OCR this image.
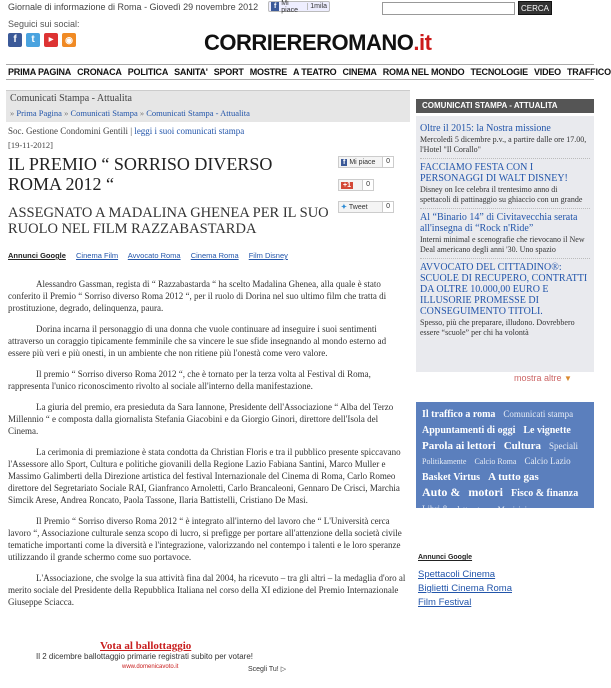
Giornale di informazione di Roma - Giovedì 29 novembre 2012	f Mi piace	1mila	CERCA
Seguici sui social:
f	t	▶	◉	CORRIEREROMANO.it
PRIMA PAGINA CRONACA POLITICA SANITA' SPORT MOSTRE A TEATRO CINEMA ROMA NEL MONDO TECNOLOGIE VIDEO TRAFFICO
Comunicati Stampa - Attualita
» Prima Pagina » Comunicati Stampa » Comunicati Stampa - Attualita
Soc. Gestione Condomini Gentili | leggi i suoi comunicati stampa
[19-11-2012]
IL PREMIO “ SORRISO DIVERSO ROMA 2012 “
ASSEGNATO A MADALINA GHENEA PER IL SUO RUOLO NEL FILM RAZZABASTARDA
f Mi piace	0
+1	0
✦ Tweet	0
Annunci Google Cinema Film Avvocato Roma Cinema Roma Film Disney

Alessandro Gassman, regista di “ Razzabastarda “ ha scelto Madalina Ghenea, alla quale è stato conferito il Premio “ Sorriso diverso Roma 2012 “, per il ruolo di Dorina nel suo ultimo film che tratta di prostituzione, degrado, delinquenza, paura.

Dorina incarna il personaggio di una donna che vuole continuare ad inseguire i suoi sentimenti attraverso un coraggio tipicamente femminile che sa vincere le sue sfide insegnando al mondo esterno ad essere più veri e più onesti, in un ambiente che non ritiene più l'onestà come vero valore.

Il premio “ Sorriso diverso Roma 2012 “, che è tornato per la terza volta al Festival di Roma, rappresenta l'unico riconoscimento rivolto al sociale all'interno della manifestazione.

La giuria del premio, era presieduta da Sara Iannone, Presidente dell'Associazione “ Alba del Terzo Millennio “ e composta dalla giornalista Stefania Giacobini e da Giorgio Ginori, direttore dell'Isola del Cinema.

La cerimonia di premiazione è stata condotta da Christian Floris e tra il pubblico presente spiccavano l'Assessore allo Sport, Cultura e politiche giovanili della Regione Lazio Fabiana Santini, Marco Muller e Massimo Galimberti della Direzione artistica del festival Internazionale del Cinema di Roma, Carlo Romeo direttore del Segretariato Sociale RAI, Gianfranco Arnoletti, Carlo Brancaleoni, Gennaro De Crisci, Marchia Simcik Arese, Andrea Roncato, Paola Tassone, Ilaria Battistelli, Cristiano De Masi.

Il Premio “ Sorriso diverso Roma 2012 “ è integrato all'interno del lavoro che “ L'Università cerca lavoro “, Associazione culturale senza scopo di lucro, si prefigge per portare all'attenzione della società civile tematiche importanti come la diversità e l'integrazione, valorizzando nel contempo i talenti e le loro speranze utilizzando il grande schermo come suo portavoce.

L'Associazione, che svolge la sua attività fina dal 2004, ha ricevuto – tra gli altri – la medaglia d'oro al merito sociale del Presidente della Repubblica Italiana nel corso della XI edizione del Premio Internazionale Giuseppe Sciacca.

Vota al ballottaggio
Il 2 dicembre ballottaggio primarie registrati subito per votare!
www.domenicavoto.it	Scegli Tu! ▷
COMUNICATI STAMPA - ATTUALITA
Oltre il 2015: la Nostra missione
Mercoledì 5 dicembre p.v., a partire dalle ore 17.00, l'Hotel "Il Corallo"
FACCIAMO FESTA CON I PERSONAGGI DI WALT DISNEY!
Disney on Ice celebra il trentesimo anno di spettacoli di pattinaggio su ghiaccio con un grande
Al “Binario 14” di Civitavecchia serata all'insegna di “Rock n'Ride”
Interni minimal e scenografie che rievocano il New Deal americano degli anni '30. Uno spazio
AVVOCATO DEL CITTADINO®: SCUOLE DI RECUPERO, CONTRATTI DA OLTRE 10.000,00 EURO E ILLUSORIE PROMESSE DI CONSEGUIMENTO TITOLI.
Spesso, più che preparare, illudono. Dovrebbero essere “scuole” per chi ha volontà
mostra altre ▼
Il traffico a roma Comunicati stampa Appuntamenti di oggi Le vignette Parola ai lettori Cultura Speciali Politikamente Calcio Roma Calcio Lazio Basket Virtus A tutto gas Auto & motori Fisco & finanza Libri & letteratura Municipi
Annunci Google
Spettacoli Cinema
Biglietti Cinema Roma
Film Festival
